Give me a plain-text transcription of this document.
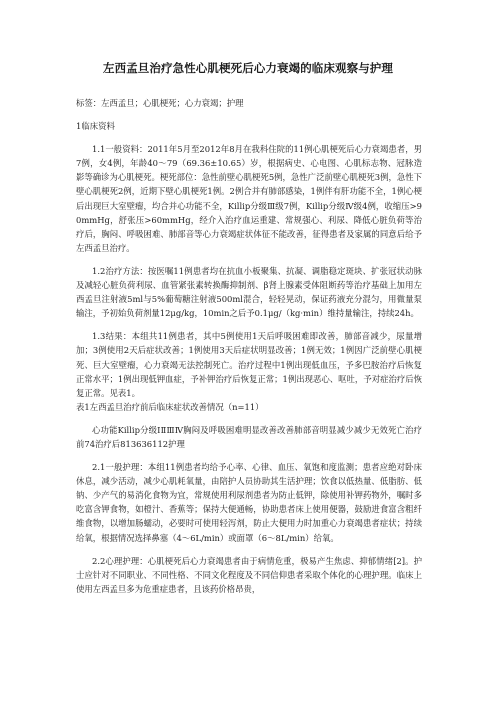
左西孟旦治疗急性心肌梗死后心力衰竭的临床观察与护理

标签：左西孟旦；心肌梗死；心力衰竭；护理

1临床资料

1.1一般资料：2011年5月至2012年8月在我科住院的11例心肌梗死后心力衰竭患者，男7例，女4例，年龄40～79（69.36±10.65）岁，根据病史、心电图、心肌标志物、冠脉造影等确诊为心肌梗死。梗死部位：急性前壁心肌梗死5例，急性广泛前壁心肌梗死3例，急性下壁心肌梗死2例，近期下壁心肌梗死1例。2例合并有肺部感染，1例伴有肝功能不全，1例心梗后出现巨大室壁瘤，均合并心功能不全，Killip分级Ⅲ级7例，Killip分级Ⅳ级4例，收缩压>90mmHg，舒张压>60mmHg，经介入治疗血运重建、常规强心、利尿、降低心脏负荷等治疗后，胸闷、呼吸困难、肺部音等心力衰竭症状体征不能改善，征得患者及家属的同意后给予左西孟旦治疗。

1.2治疗方法：按医嘱11例患者均在抗血小板聚集、抗凝、调脂稳定斑块、扩张冠状动脉及减轻心脏负荷利尿、血管紧张素转换酶抑制剂、β肾上腺素受体阻断药等治疗基础上加用左西孟旦注射液5ml与5%葡萄糖注射液500ml混合，轻轻晃动，保证药液充分混匀，用微量泵输注，予初始负荷剂量12μg/kg，10min之后予0.1μg/（kg·min）维持量输注，持续24h。

1.3结果：本组共11例患者，其中5例使用1天后呼吸困难即改善，肺部音减少，尿量增加；3例使用2天后症状改善；1例使用3天后症状明显改善；1例无效；1例因广泛前壁心肌梗死、巨大室壁瘤，心力衰竭无法控制死亡。治疗过程中1例出现低血压，予多巴胺治疗后恢复正常水平；1例出现低钾血症，予补钾治疗后恢复正常；1例出现恶心、呕吐，予对症治疗后恢复正常。见表1。

表1左西孟旦治疗前后临床症状改善情况（n=11）

心功能Killip分级ⅠⅡⅢⅣ胸闷及呼吸困难明显改善改善肺部音明显减少减少无效死亡治疗前74治疗后813636112护理

2.1一般护理：本组11例患者均给予心率、心律、血压、氧饱和度监测；患者应绝对卧床休息，减少活动，减少心肌耗氧量，由陪护人员协助其生活护理；饮食以低热量、低脂肪、低钠、少产气的易消化食物为宜，常规使用利尿剂患者为防止低钾，除使用补钾药物外，嘱时多吃富含钾食物，如橙汁、香蕉等；保持大便通畅，协助患者床上使用便器，鼓励进食富含粗纤维食物，以增加肠蠕动，必要时可使用轻泻剂，防止大便用力时加重心力衰竭患者症状；持续给氧，根据情况选择鼻塞（4～6L/min）或面罩（6～8L/min）给氧。

2.2心理护理：心肌梗死后心力衰竭患者由于病情危重，极易产生焦虑、抑郁情绪[2]。护士应针对不同职业、不同性格、不同文化程度及不同信仰患者采取个体化的心理护理。临床上使用左西孟旦多为危重症患者，且该药价格昂贵，
